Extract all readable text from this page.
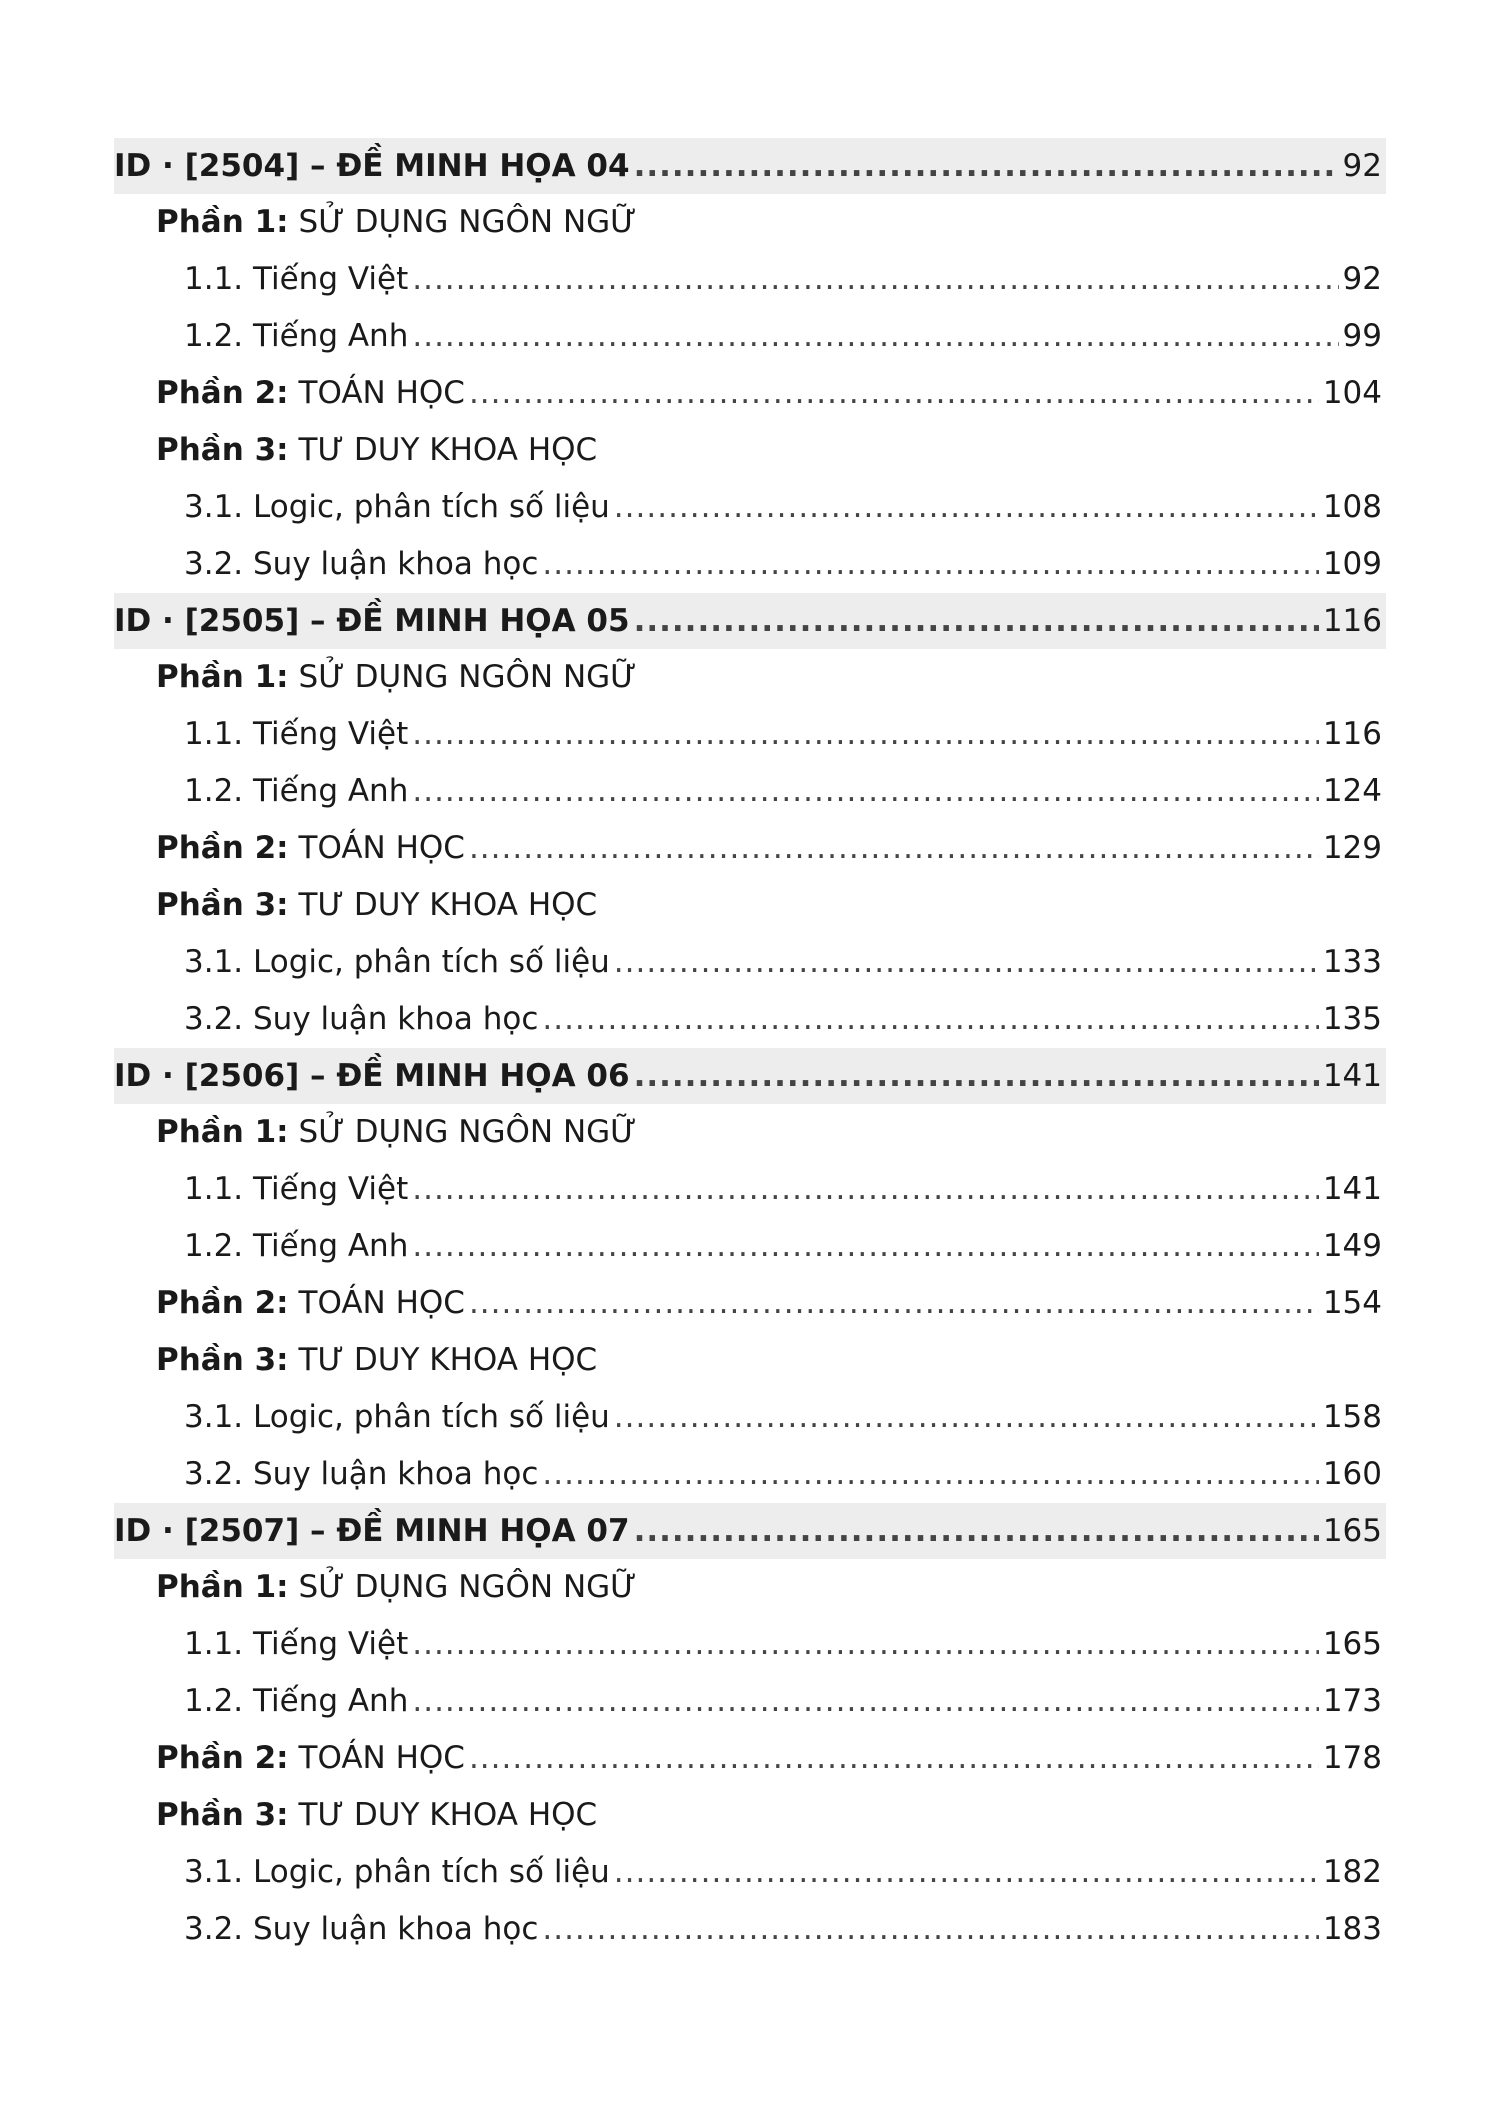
ID · [2504] – ĐỀ MINH HỌA 04 .....	92
Phần 1: SỬ DỤNG NGÔN NGỮ
1.1. Tiếng Việt .....	92
1.2. Tiếng Anh .....	99
Phần 2: TOÁN HỌC .....	104
Phần 3: TƯ DUY KHOA HỌC
3.1. Logic, phân tích số liệu .....	108
3.2. Suy luận khoa học .....	109
ID · [2505] – ĐỀ MINH HỌA 05 .....	116
Phần 1: SỬ DỤNG NGÔN NGỮ
1.1. Tiếng Việt .....	116
1.2. Tiếng Anh .....	124
Phần 2: TOÁN HỌC .....	129
Phần 3: TƯ DUY KHOA HỌC
3.1. Logic, phân tích số liệu .....	133
3.2. Suy luận khoa học .....	135
ID · [2506] – ĐỀ MINH HỌA 06 .....	141
Phần 1: SỬ DỤNG NGÔN NGỮ
1.1. Tiếng Việt .....	141
1.2. Tiếng Anh .....	149
Phần 2: TOÁN HỌC .....	154
Phần 3: TƯ DUY KHOA HỌC
3.1. Logic, phân tích số liệu .....	158
3.2. Suy luận khoa học .....	160
ID · [2507] – ĐỀ MINH HỌA 07 .....	165
Phần 1: SỬ DỤNG NGÔN NGỮ
1.1. Tiếng Việt .....	165
1.2. Tiếng Anh .....	173
Phần 2: TOÁN HỌC .....	178
Phần 3: TƯ DUY KHOA HỌC
3.1. Logic, phân tích số liệu .....	182
3.2. Suy luận khoa học .....	183
